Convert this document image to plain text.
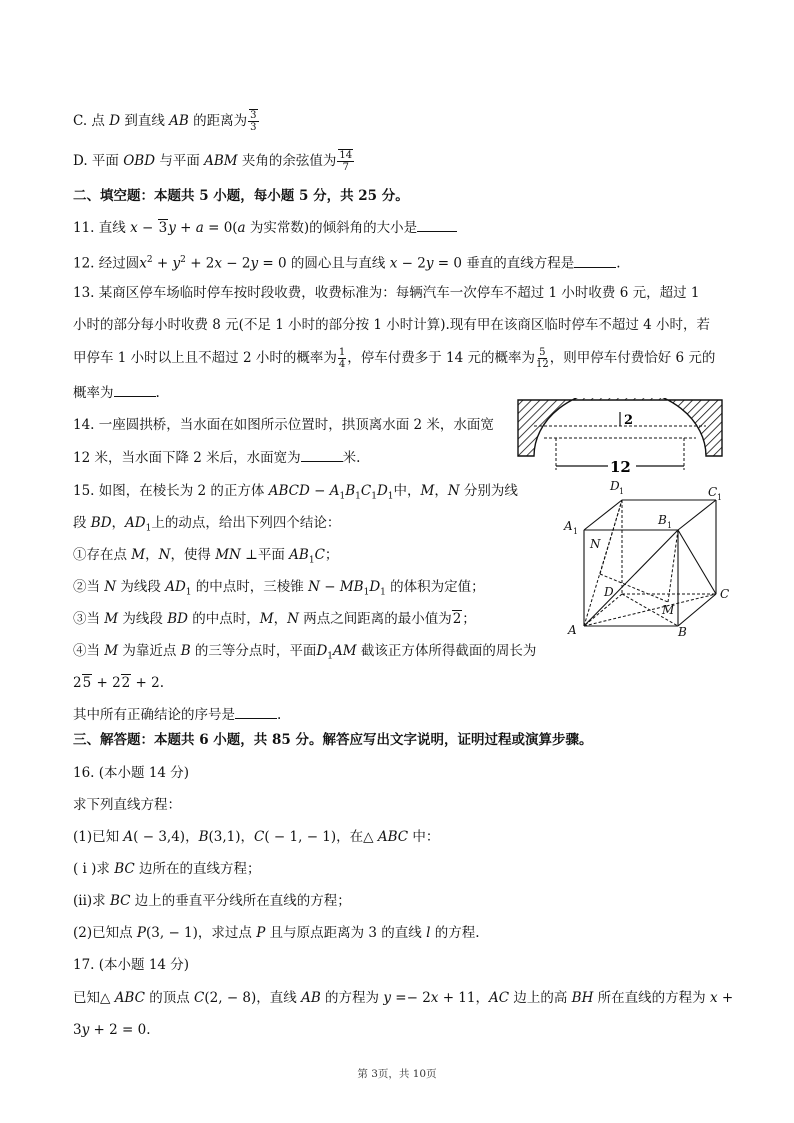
C. 点 D 到直线 AB 的距离为 $\frac{3}{3}$
D. 平面 OBD 与平面 ABM 夹角的余弦值为 $\frac{14}{7}$
二、填空题：本题共 5 小题，每小题 5 分，共 25 分。
11. 直线 x − 3y + a = 0(a 为实常数)的倾斜角的大小是
12. 经过圆$x^2 + y^2 + 2x - 2y = 0$ 的圆心且与直线 x − 2y = 0 垂直的直线方程是	.
13. 某商区停车场临时停车按时段收费，收费标准为：每辆汽车一次停车不超过 1 小时收费 6 元，超过 1
小时的部分每小时收费 8 元(不足 1 小时的部分按 1 小时计算).现有甲在该商区临时停车不超过 4 小时，若
甲停车 1 小时以上且不超过 2 小时的概率为 $\frac{1}{4}$ ，停车付费多于 14 元的概率为 $\frac{5}{12}$ ，则甲停车付费恰好 6 元的
概率为	.
14. 一座圆拱桥，当水面在如图所示位置时，拱顶离水面 2 米，水面宽
12 米，当水面下降 2 米后，水面宽为	米.
2
12
15. 如图，在棱长为 2 的正方体 ABCD − $A_1B_1C_1D_1$中，M，N 分别为线
段 BD，$AD_1$上的动点，给出下列四个结论：
①存在点 M，N，使得 MN ⊥平面 $AB_1C$；
②当 N 为线段 $AD_1$ 的中点时，三棱锥 $N - MB_1D_1$ 的体积为定值；
③当 M 为线段 BD 的中点时，M，N 两点之间距离的最小值为2；
④当 M 为靠近点 B 的三等分点时，平面$D_1AM$ 截该正方体所得截面的周长为
25 + 22 + 2.
其中所有正确结论的序号是	.
A	B
C
D
A 1
B 1
C 1
D 1
N
M
三、解答题：本题共 6 小题，共 85 分。解答应写出文字说明，证明过程或演算步骤。
16. (本小题 14 分)
求下列直线方程：
(1)已知 A( − 3,4)，B(3,1)，C( − 1, − 1)，在△ ABC 中：
( i )求 BC 边所在的直线方程；
(ii)求 BC 边上的垂直平分线所在直线的方程；
(2)已知点 P(3, − 1)，求过点 P 且与原点距离为 3 的直线 l 的方程.
17. (本小题 14 分)
已知△ ABC 的顶点 C(2, − 8)，直线 AB 的方程为 y =− 2x + 11，AC 边上的高 BH 所在直线的方程为 x +
3y + 2 = 0.
第 3页，共 10页
